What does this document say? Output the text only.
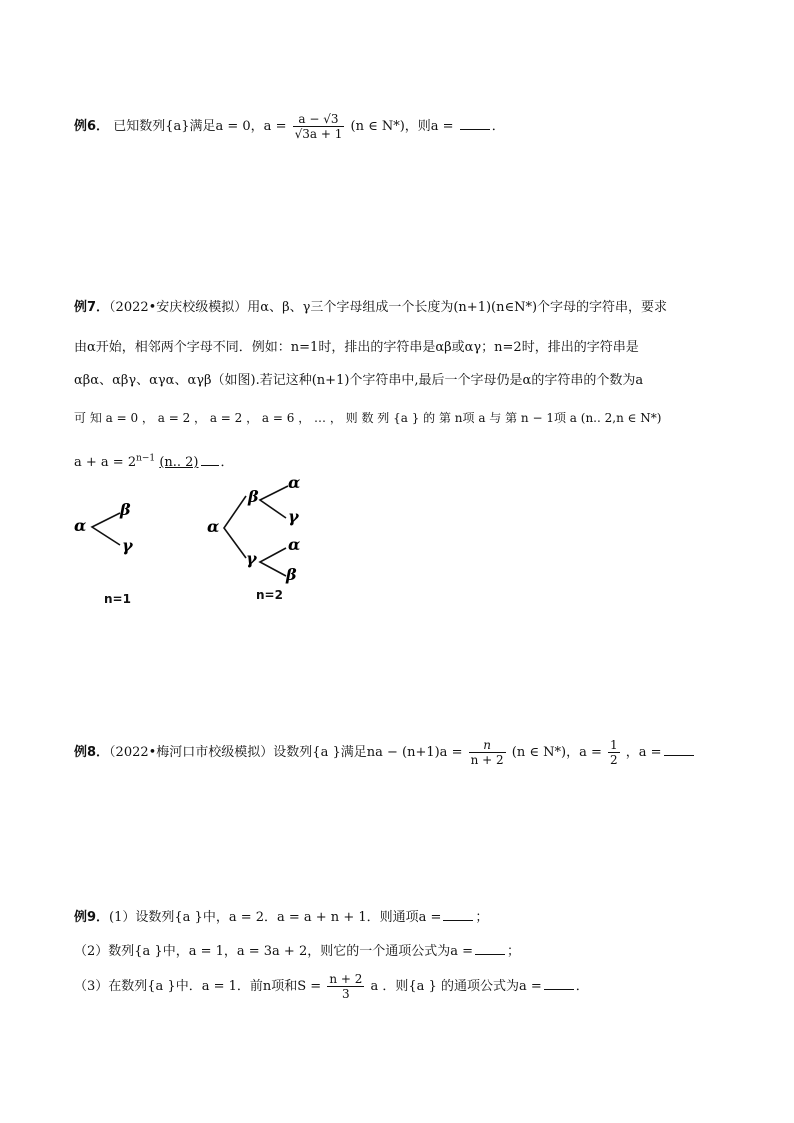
例6． 已知数列{a}满足a = 0，$a = \frac{a - √3}{√3a + 1} (n$ ∈ N*)，则a =	．
例7．（2022•安庆校级模拟）用α、β、γ三个字母组成一个长度为(n+1)(n∈N*)个字母的字符串，要求
由α开始，相邻两个字母不同．例如：n=1时，排出的字符串是αβ或αγ；n=2时，排出的字符串是
αβα、αβγ、αγα、αγβ（如图).若记这种(n+1)个字符串中,最后一个字母仍是α的字符串的个数为a
可 知 a = 0 ， a = 2 ， a = 2 ， a = 6 ， … ， 则 数 列 {a } 的 第 n项 a 与 第 n − 1项 a (n.. 2,n ∈ N*)
$a + a = 2^{n-1}$ (n.. 2) ．
α
β
γ
n=1
α
β
α
γ
γ
α
β
n=2
例8．（2022•梅河口市校级模拟）设数列{a }满足na − $(n+1)a = \frac{n}{n + 2} (n$ ∈ N*)，$a = \frac{1}{2}$ ，a =
例9．(1）设数列{a }中，a = 2．a = a + n + 1．则通项a =	；
（2）数列{a }中，a = 1，a = 3a + 2，则它的一个通项公式为a =	；
（3）在数列{a }中．a = 1．前n项和$S = \frac{n + 2}{3}$ a ．则{a } 的通项公式为a =	．
